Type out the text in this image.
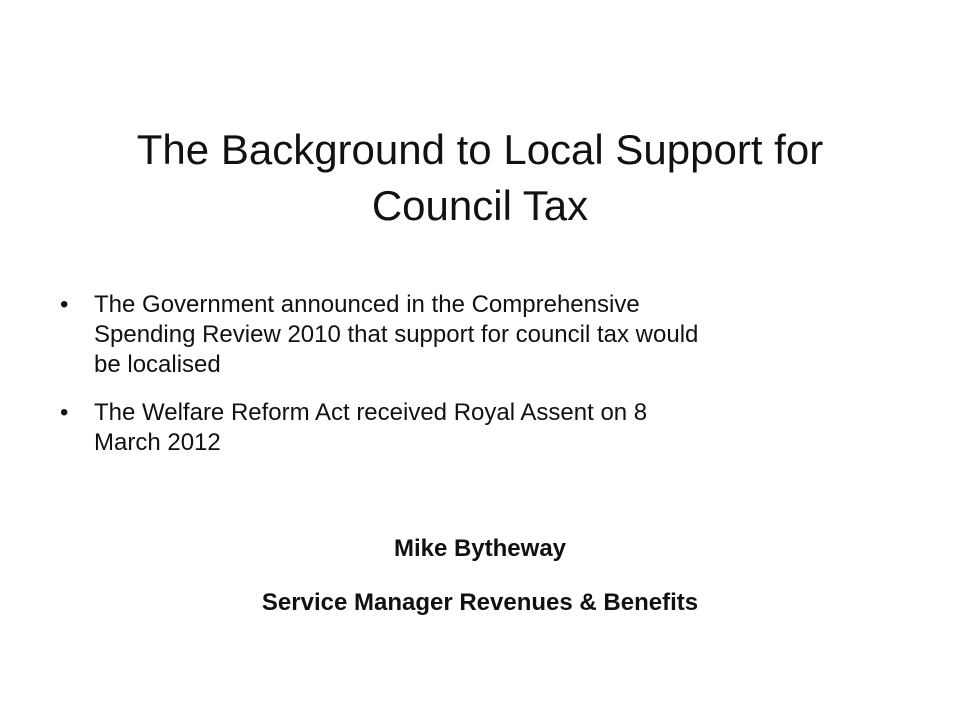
The Background to Local Support for
Council Tax
•	The Government announced in the Comprehensive
Spending Review 2010 that support for council tax would
be localised
•	The Welfare Reform Act received Royal Assent on 8
March 2012

Mike Bytheway

Service Manager Revenues & Benefits
